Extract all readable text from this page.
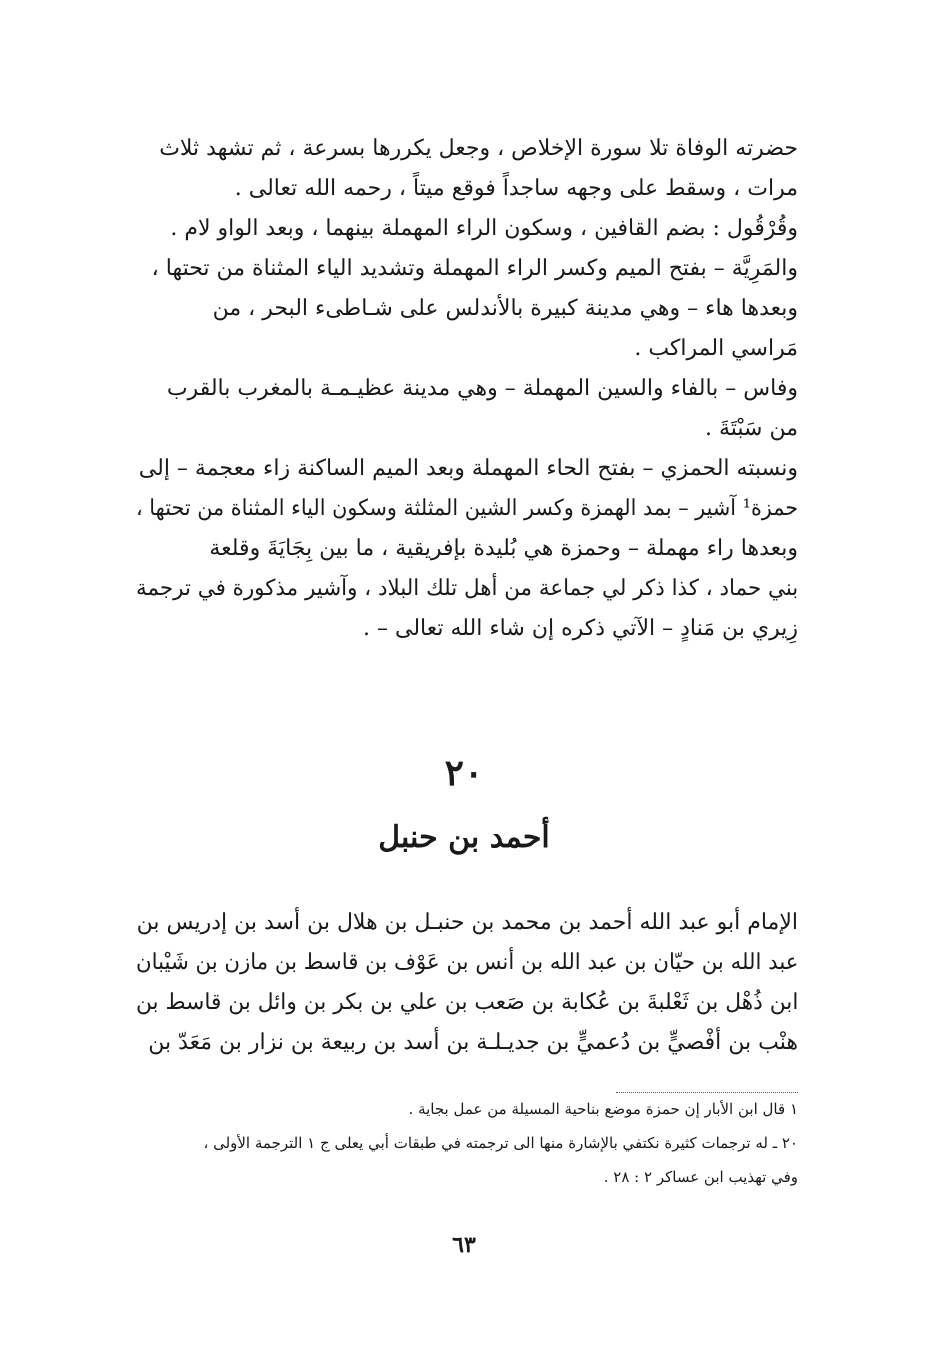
حضرته الوفاة تلا سورة الإخلاص ، وجعل يكررها بسرعة ، ثم تشهد ثلاث
مرات ، وسقط على وجهه ساجداً فوقع ميتاً ، رحمه الله تعالى .
وقُرْقُول : بضم القافين ، وسكون الراء المهملة بينهما ، وبعد الواو لام .
والمَرِيَّة – بفتح الميم وكسر الراء المهملة وتشديد الياء المثناة من تحتها ،
وبعدها هاء – وهي مدينة كبيرة بالأندلس على شـاطىء البحر ، من
مَراسي المراكب .
وفاس – بالفاء والسين المهملة – وهي مدينة عظيـمـة بالمغرب بالقرب
من سَبْتَةَ .
ونسبته الحمزي – بفتح الحاء المهملة وبعد الميم الساكنة زاء معجمة – إلى
حمزة¹ آشير – بمد الهمزة وكسر الشين المثلثة وسكون الياء المثناة من تحتها ،
وبعدها راء مهملة – وحمزة هي بُليدة بإفريقية ، ما بين بِجَايَةَ وقلعة
بني حماد ، كذا ذكر لي جماعة من أهل تلك البلاد ، وآشير مذكورة في ترجمة
زِيري بن مَنادٍ – الآتي ذكره إن شاء الله تعالى – .
٢٠
أحمد بن حنبل
الإمام أبو عبد الله أحمد بن محمد بن حنبـل بن هلال بن أسد بن إدريس بن
عبد الله بن حيّان بن عبد الله بن أنس بن عَوْف بن قاسط بن مازن بن شَيْبان
ابن ذُهْل بن ثَعْلبةَ بن عُكابة بن صَعب بن علي بن بكر بن وائل بن قاسط بن
هنْب بن أفْصيٍّ بن دُعميٍّ بن جديـلـة بن أسد بن ربيعة بن نزار بن مَعَدّ بن
١ قال ابن الأبار إن حمزة موضع بناحية المسيلة من عمل بجاية .
٢٠ ـ له ترجمات كثيرة نكتفي بالإشارة منها الى ترجمته في طبقات أبي يعلى ج ١ الترجمة الأولى ،
وفي تهذيب ابن عساكر ٢ : ٢٨ .
٦٣
